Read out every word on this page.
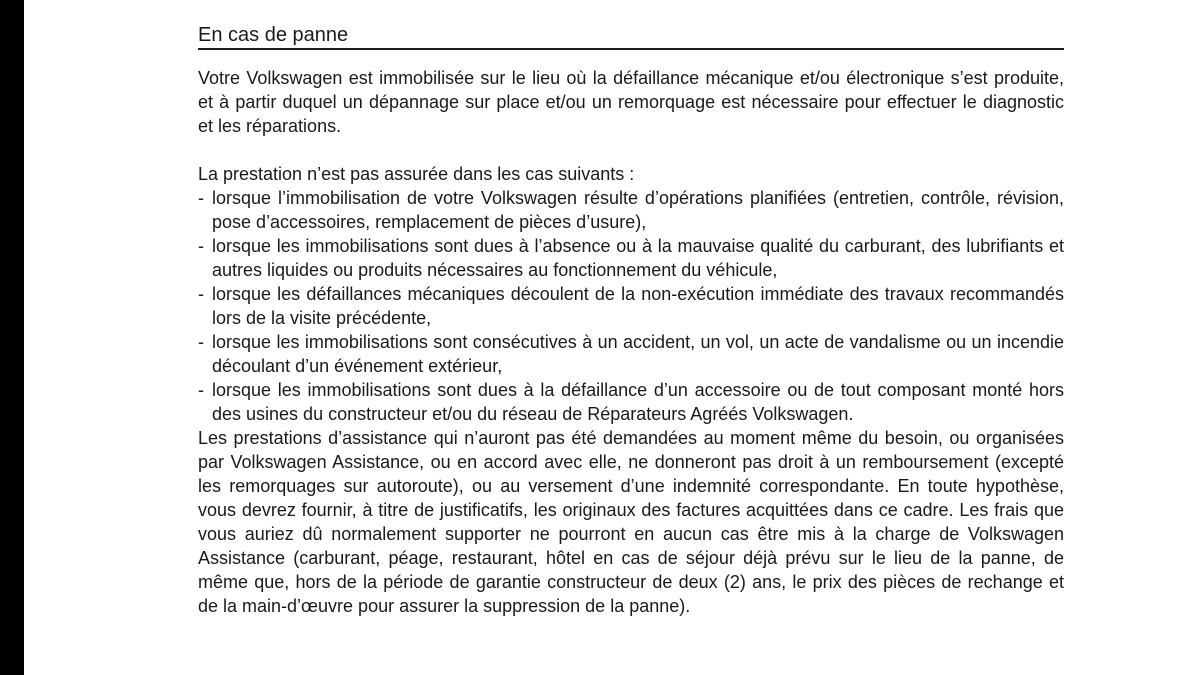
En cas de panne

Votre Volkswagen est immobilisée sur le lieu où la défaillance mécanique et/ou électronique s’est produite, et à partir duquel un dépannage sur place et/ou un remorquage est nécessaire pour effectuer le diagnostic et les réparations.

La prestation n’est pas assurée dans les cas suivants :

- lorsque l’immobilisation de votre Volkswagen résulte d’opérations planifiées (entretien, contrôle, révision, pose d’accessoires, remplacement de pièces d’usure),
- lorsque les immobilisations sont dues à l’absence ou à la mauvaise qualité du carburant, des lubrifiants et autres liquides ou produits nécessaires au fonctionnement du véhicule,
- lorsque les défaillances mécaniques découlent de la non-exécution immédiate des travaux recommandés lors de la visite précédente,
- lorsque les immobilisations sont consécutives à un accident, un vol, un acte de vandalisme ou un incendie découlant d’un événement extérieur,
- lorsque les immobilisations sont dues à la défaillance d’un accessoire ou de tout composant monté hors des usines du constructeur et/ou du réseau de Réparateurs Agréés Volkswagen.

Les prestations d’assistance qui n’auront pas été demandées au moment même du besoin, ou organisées par Volkswagen Assistance, ou en accord avec elle, ne donneront pas droit à un remboursement (excepté les remorquages sur autoroute), ou au versement d’une indemnité correspondante. En toute hypothèse, vous devrez fournir, à titre de justificatifs, les originaux des factures acquittées dans ce cadre. Les frais que vous auriez dû normalement supporter ne pourront en aucun cas être mis à la charge de Volkswagen Assistance (carburant, péage, restaurant, hôtel en cas de séjour déjà prévu sur le lieu de la panne, de même que, hors de la période de garantie constructeur de deux (2) ans, le prix des pièces de rechange et de la main-d’œuvre pour assurer la suppression de la panne).
